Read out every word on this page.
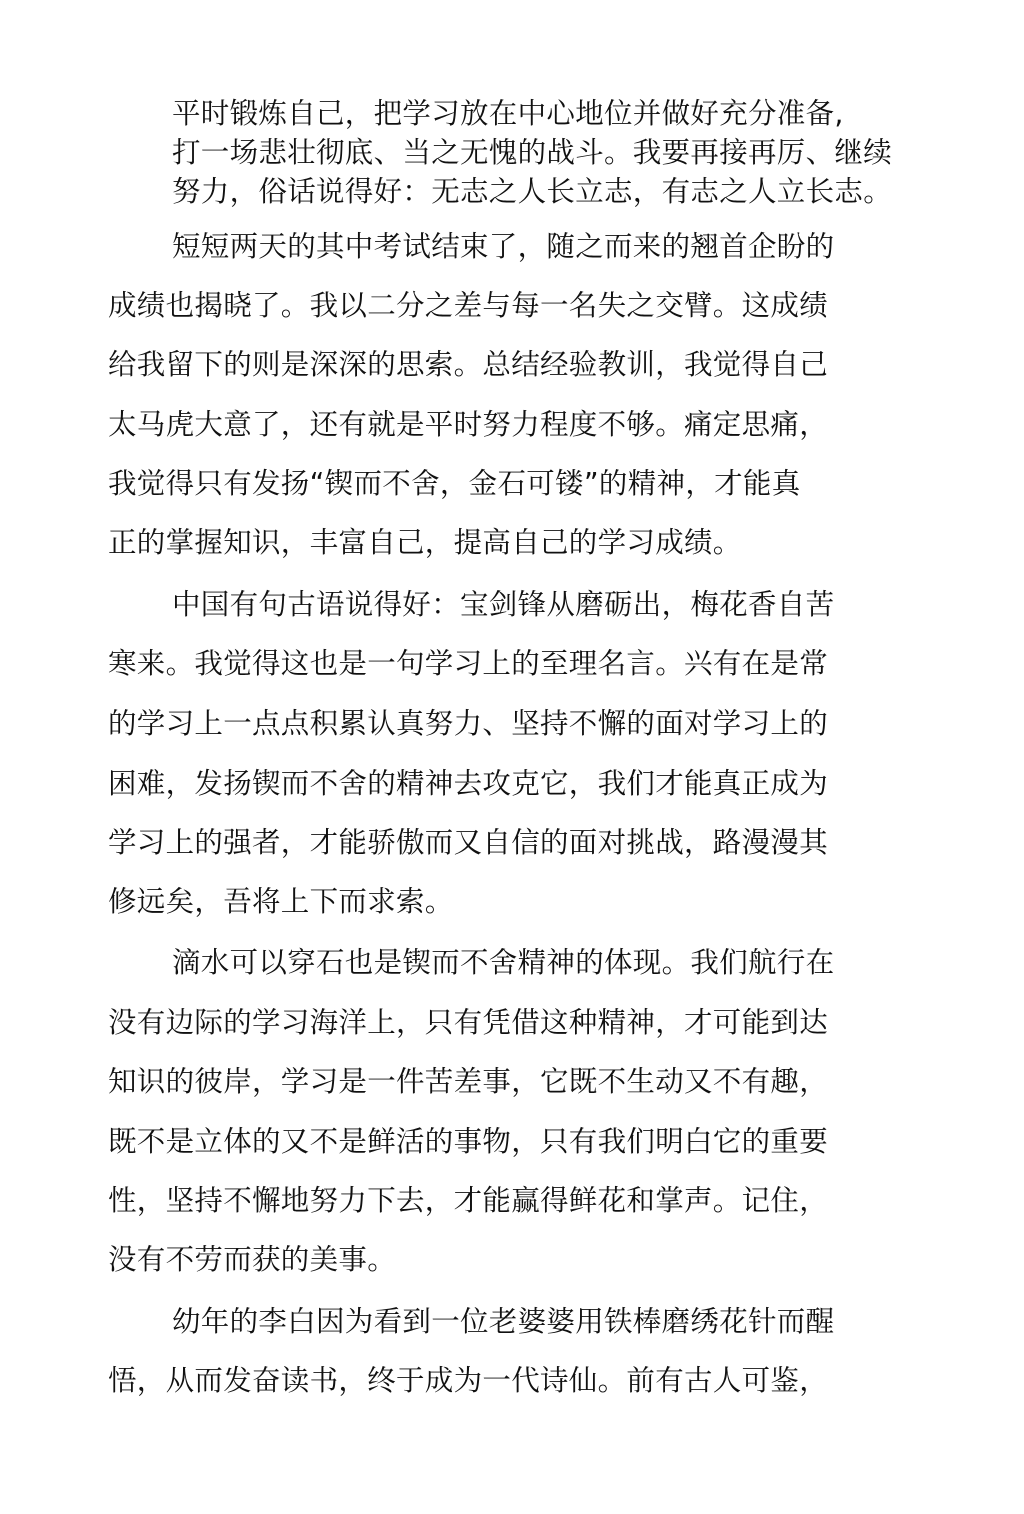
平时锻炼自己，把学习放在中心地位并做好充分准备,
打一场悲壮彻底、当之无愧的战斗。我要再接再厉、继续
努力，俗话说得好：无志之人长立志，有志之人立长志。
短短两天的其中考试结束了，随之而来的翘首企盼的
成绩也揭晓了。我以二分之差与每一名失之交臂。这成绩
给我留下的则是深深的思索。总结经验教训，我觉得自己
太马虎大意了，还有就是平时努力程度不够。痛定思痛，
我觉得只有发扬“锲而不舍，金石可镂”的精神，才能真
正的掌握知识，丰富自己，提高自己的学习成绩。
中国有句古语说得好：宝剑锋从磨砺出，梅花香自苦
寒来。我觉得这也是一句学习上的至理名言。兴有在是常
的学习上一点点积累认真努力、坚持不懈的面对学习上的
困难，发扬锲而不舍的精神去攻克它，我们才能真正成为
学习上的强者，才能骄傲而又自信的面对挑战，路漫漫其
修远矣，吾将上下而求索。
滴水可以穿石也是锲而不舍精神的体现。我们航行在
没有边际的学习海洋上，只有凭借这种精神，才可能到达
知识的彼岸，学习是一件苦差事，它既不生动又不有趣，
既不是立体的又不是鲜活的事物，只有我们明白它的重要
性，坚持不懈地努力下去，才能赢得鲜花和掌声。记住，
没有不劳而获的美事。
幼年的李白因为看到一位老婆婆用铁棒磨绣花针而醒
悟，从而发奋读书，终于成为一代诗仙。前有古人可鉴，
